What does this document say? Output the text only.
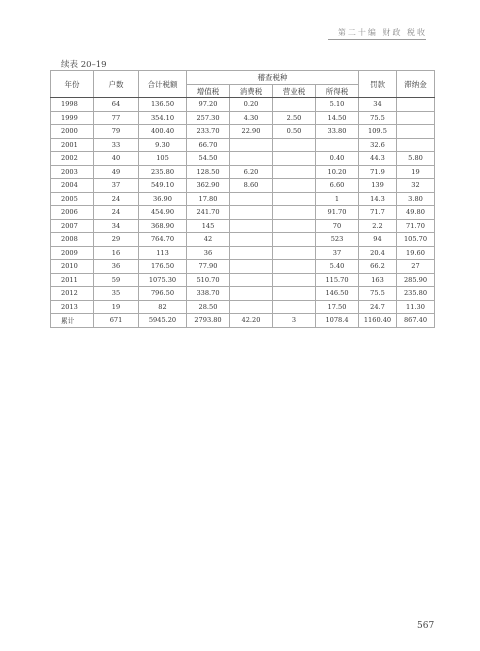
第二十编 财政 税收
续表 20–19
年份	户数	合计税额	稽查税种				罚款	滞纳金
			增值税	消费税	营业税	所得税		
1998	64	136.50	97.20	0.20		5.10	34	
1999	77	354.10	257.30	4.30	2.50	14.50	75.5	
2000	79	400.40	233.70	22.90	0.50	33.80	109.5	
2001	33	9.30	66.70				32.6	
2002	40	105	54.50			0.40	44.3	5.80
2003	49	235.80	128.50	6.20		10.20	71.9	19
2004	37	549.10	362.90	8.60		6.60	139	32
2005	24	36.90	17.80			1	14.3	3.80
2006	24	454.90	241.70			91.70	71.7	49.80
2007	34	368.90	145			70	2.2	71.70
2008	29	764.70	42			523	94	105.70
2009	16	113	36			37	20.4	19.60
2010	36	176.50	77.90			5.40	66.2	27
2011	59	1075.30	510.70			115.70	163	285.90
2012	35	796.50	338.70			146.50	75.5	235.80
2013	19	82	28.50			17.50	24.7	11.30
累计	671	5945.20	2793.80	42.20	3	1078.4	1160.40	867.40
567
